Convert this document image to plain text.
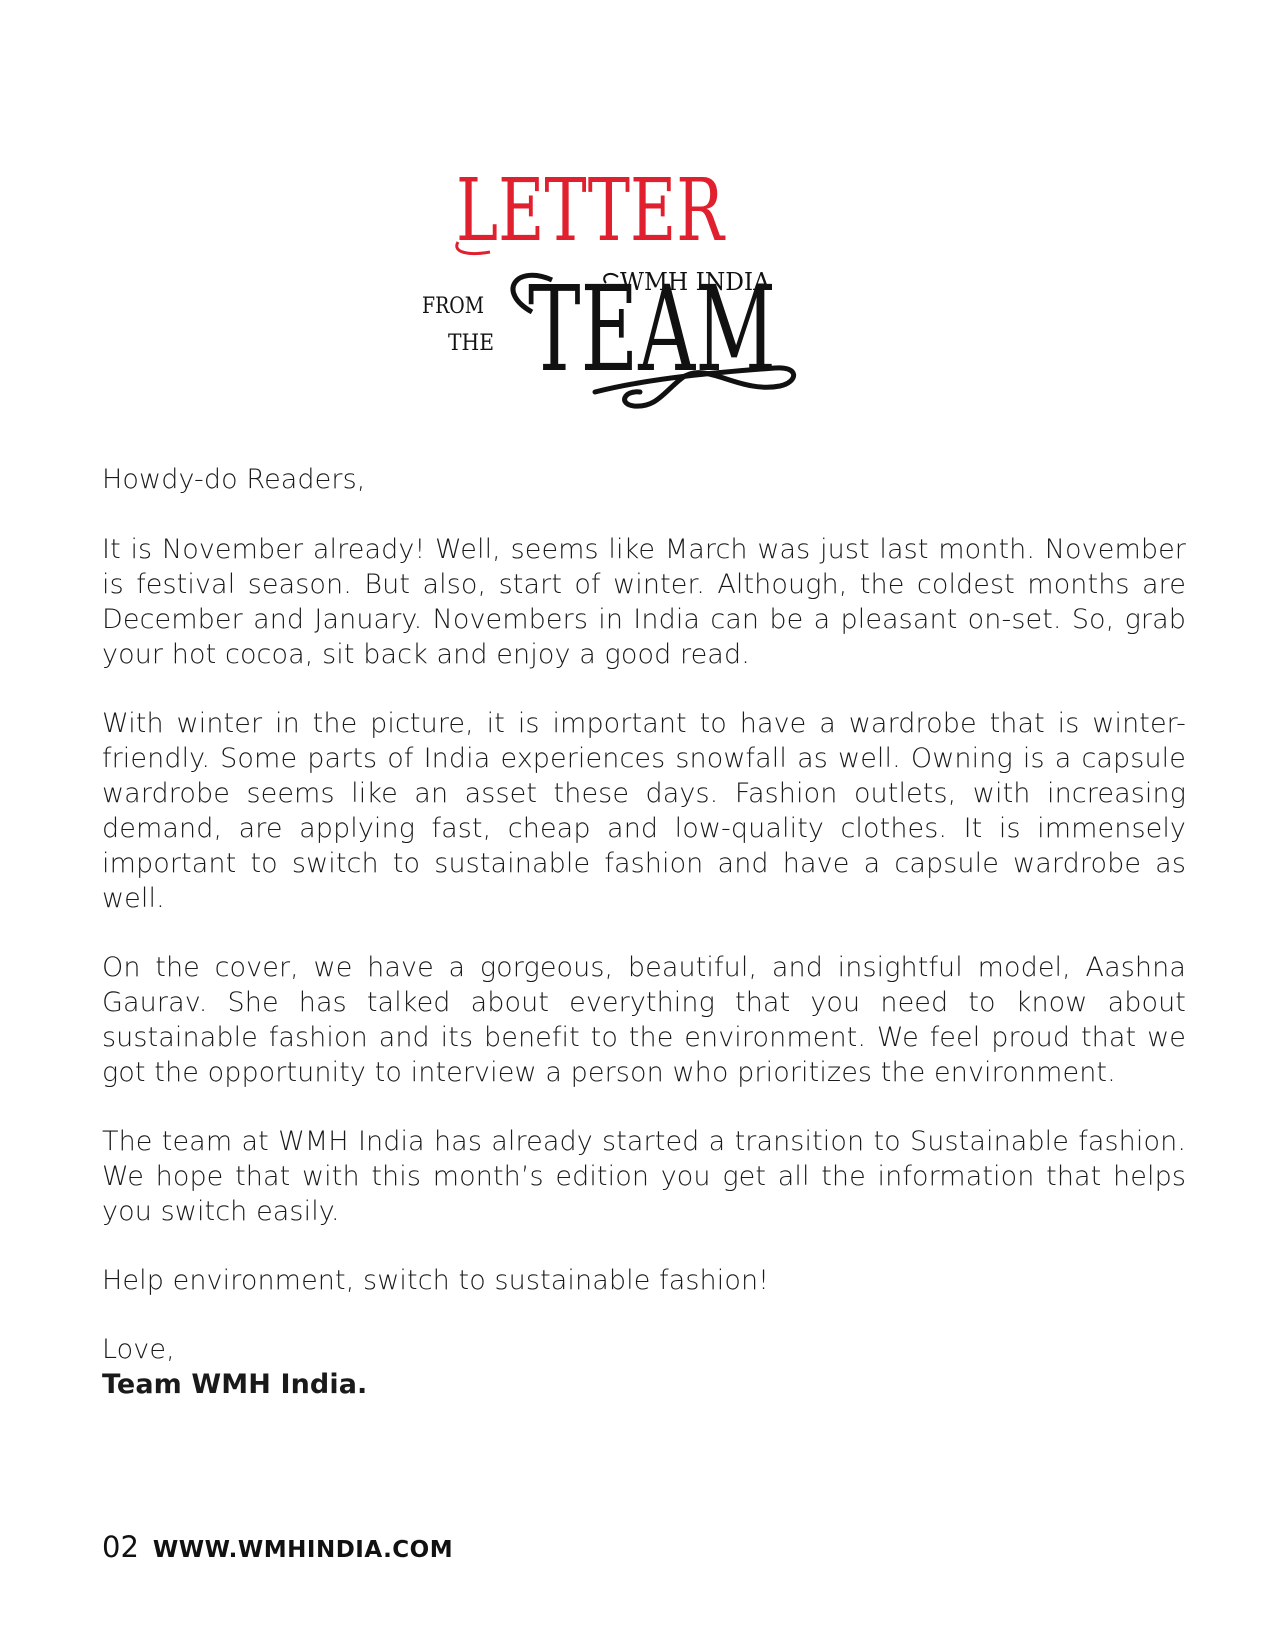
LETTER
WMH INDIA
FROM
THE TEAM

Howdy-do Readers,

It is November already! Well, seems like March was just last month. November is festival season. But also, start of winter. Although, the coldest months are December and January. Novembers in India can be a pleasant on-set. So, grab your hot cocoa, sit back and enjoy a good read.

With winter in the picture, it is important to have a wardrobe that is winter-friendly. Some parts of India experiences snowfall as well. Owning is a capsule wardrobe seems like an asset these days. Fashion outlets, with increasing demand, are applying fast, cheap and low-quality clothes. It is immensely important to switch to sustainable fashion and have a capsule wardrobe as well.

On the cover, we have a gorgeous, beautiful, and insightful model, Aashna Gaurav. She has talked about everything that you need to know about sustainable fashion and its benefit to the environment. We feel proud that we got the opportunity to interview a person who prioritizes the environment.

The team at WMH India has already started a transition to Sustainable fashion. We hope that with this month’s edition you get all the information that helps you switch easily.

Help environment, switch to sustainable fashion!

Love,

Team WMH India.

02 WWW.WMHINDIA.COM
